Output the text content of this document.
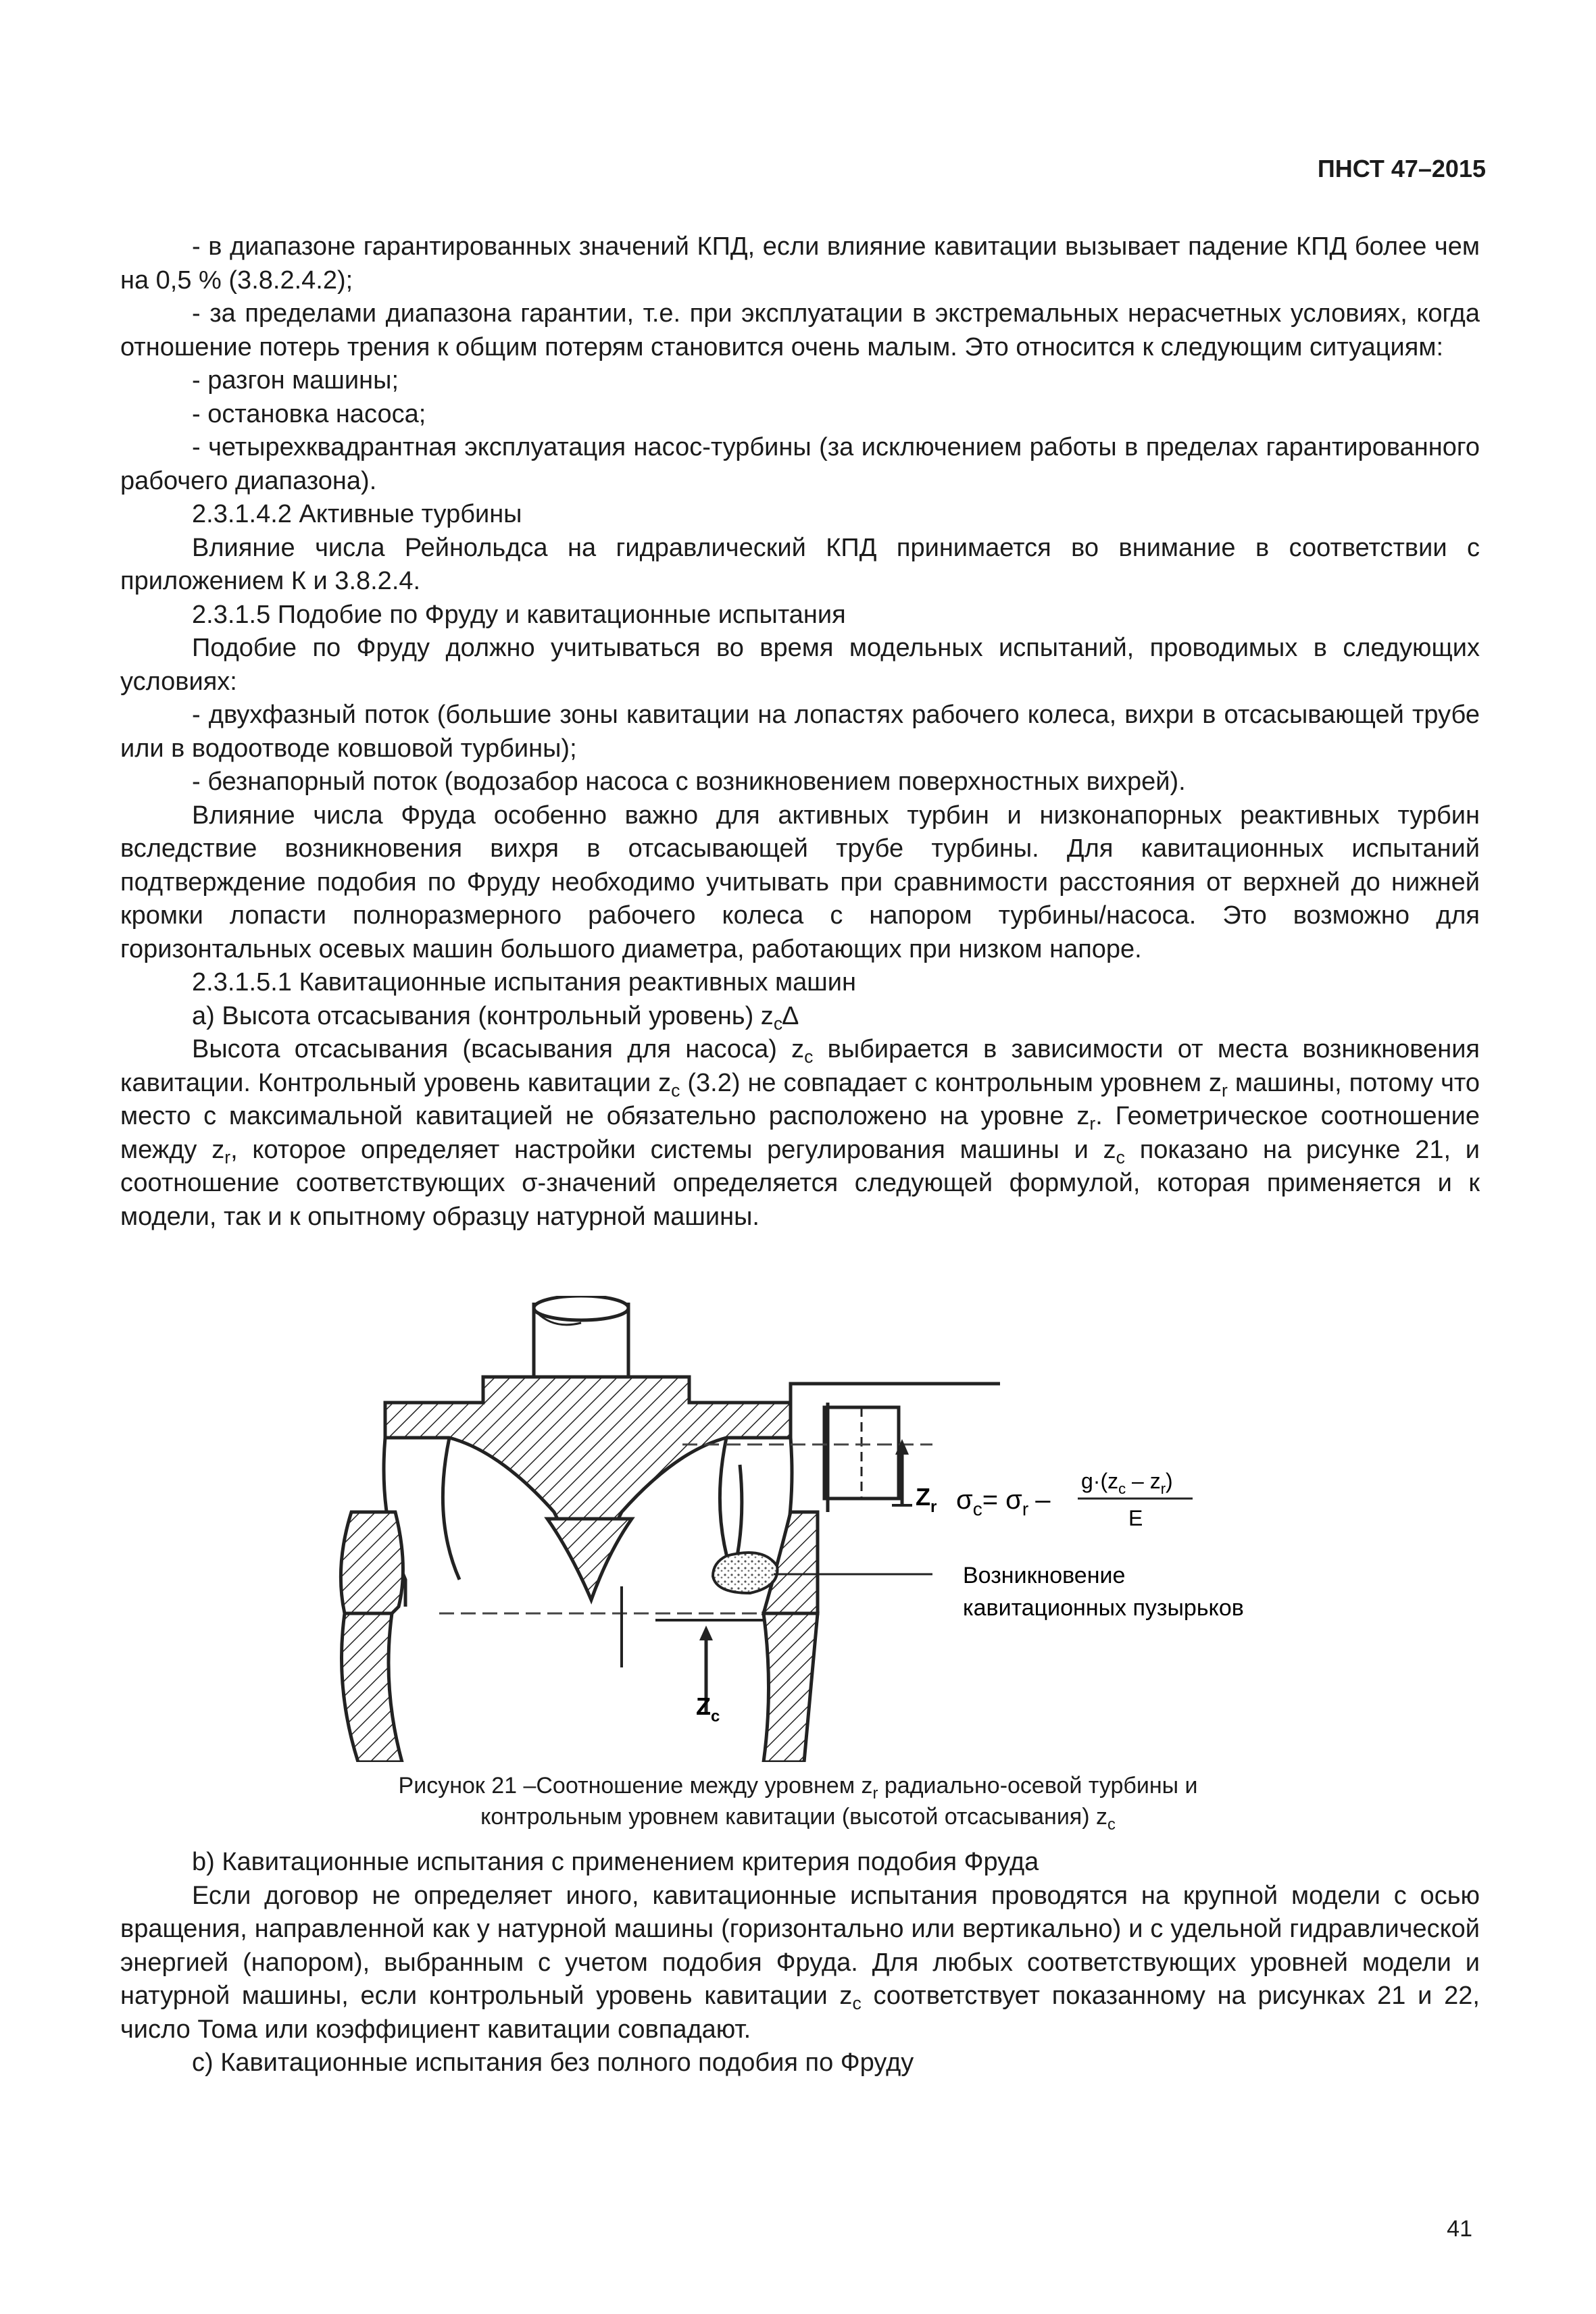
ПНСТ 47–2015

- в диапазоне гарантированных значений КПД, если влияние кавитации вызывает падение КПД более чем на 0,5 % (3.8.2.4.2);

- за пределами диапазона гарантии, т.е. при эксплуатации в экстремальных нерасчетных условиях, когда отношение потерь трения к общим потерям становится очень малым. Это относится к следующим ситуациям:

- разгон машины;

- остановка насоса;

- четырехквадрантная эксплуатация насос-турбины (за исключением работы в пределах гарантированного рабочего диапазона).

2.3.1.4.2 Активные турбины

Влияние числа Рейнольдса на гидравлический КПД принимается во внимание в соответствии с приложением К и 3.8.2.4.

2.3.1.5 Подобие по Фруду и кавитационные испытания

Подобие по Фруду должно учитываться во время модельных испытаний, проводимых в следующих условиях:

- двухфазный поток (большие зоны кавитации на лопастях рабочего колеса, вихри в отсасывающей трубе или в водоотводе ковшовой турбины);

- безнапорный поток (водозабор насоса с возникновением поверхностных вихрей).

Влияние числа Фруда особенно важно для активных турбин и низконапорных реактивных турбин вследствие возникновения вихря в отсасывающей трубе турбины. Для кавитационных испытаний подтверждение подобия по Фруду необходимо учитывать при сравнимости расстояния от верхней до нижней кромки лопасти полноразмерного рабочего колеса с напором турбины/насоса. Это возможно для горизонтальных осевых машин большого диаметра, работающих при низком напоре.

2.3.1.5.1 Кавитационные испытания реактивных машин

а) Высота отсасывания (контрольный уровень) $z_c\Delta$

Высота отсасывания (всасывания для насоса) $z_c$ выбирается в зависимости от места возникновения кавитации. Контрольный уровень кавитации $z_c$ (3.2) не совпадает с контрольным уровнем $z_r$ машины, потому что место с максимальной кавитацией не обязательно расположено на уровне $z_r$. Геометрическое соотношение между $z_r$, которое определяет настройки системы регулирования машины и $z_c$ показано на рисунке 21, и соотношение соответствующих σ-значений определяется следующей формулой, которая применяется и к модели, так и к опытному образцу натурной машины.

$Z_r$
$Z_c$
$\sigma_c= \sigma_r$ –
$g\cdot(z_c - z_r)$
E
Возникновение
кавитационных пузырьков
Рисунок 21 –Соотношение между уровнем $z_r$ радиально-осевой турбины и
контрольным уровнем кавитации (высотой отсасывания) $z_c$

b) Кавитационные испытания с применением критерия подобия Фруда

Если договор не определяет иного, кавитационные испытания проводятся на крупной модели с осью вращения, направленной как у натурной машины (горизонтально или вертикально) и с удельной гидравлической энергией (напором), выбранным с учетом подобия Фруда. Для любых соответствующих уровней модели и натурной машины, если контрольный уровень кавитации $z_c$ соответствует показанному на рисунках 21 и 22, число Тома или коэффициент кавитации совпадают.

с) Кавитационные испытания без полного подобия по Фруду

41
